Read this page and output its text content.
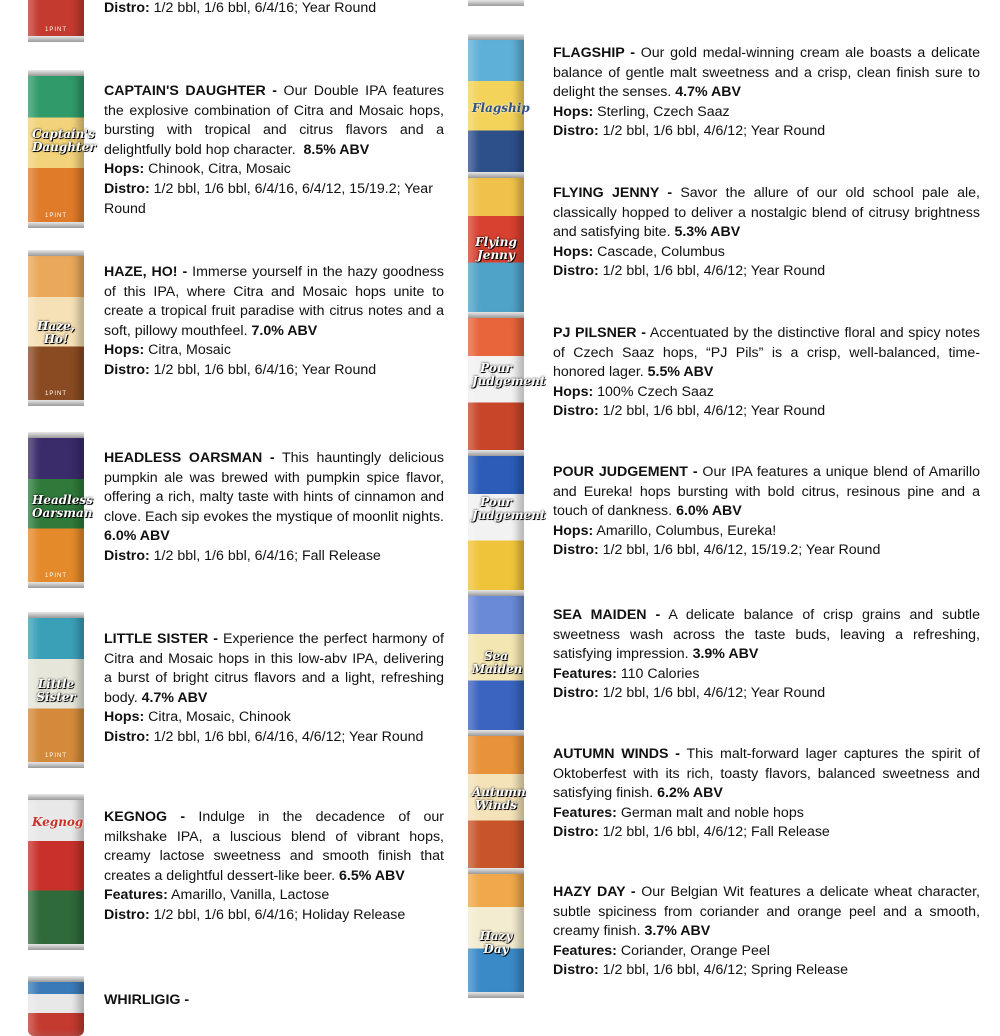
1PINT

Distro: 1/2 bbl, 1/6 bbl, 6/4/16; Year Round

Captain's Daughter
1PINT

CAPTAIN'S DAUGHTER - Our Double IPA features the explosive combination of Citra and Mosaic hops, bursting with tropical and citrus flavors and a delightfully bold hop character. 8.5% ABV

Hops: Chinook, Citra, Mosaic

Distro: 1/2 bbl, 1/6 bbl, 6/4/16, 6/4/12, 15/19.2; Year Round

Haze, Ho!
1PINT

HAZE, HO! - Immerse yourself in the hazy goodness of this IPA, where Citra and Mosaic hops unite to create a tropical fruit paradise with citrus notes and a soft, pillowy mouthfeel. 7.0% ABV

Hops: Citra, Mosaic

Distro: 1/2 bbl, 1/6 bbl, 6/4/16; Year Round

Headless Oarsman
1PINT

HEADLESS OARSMAN - This hauntingly delicious pumpkin ale was brewed with pumpkin spice flavor, offering a rich, malty taste with hints of cinnamon and clove. Each sip evokes the mystique of moonlit nights. 6.0% ABV

Distro: 1/2 bbl, 1/6 bbl, 6/4/16; Fall Release

Little Sister
1PINT

LITTLE SISTER - Experience the perfect harmony of Citra and Mosaic hops in this low-abv IPA, delivering a burst of bright citrus flavors and a light, refreshing body. 4.7% ABV

Hops: Citra, Mosaic, Chinook

Distro: 1/2 bbl, 1/6 bbl, 6/4/16, 4/6/12; Year Round

Kegnog KEGNOG - Indulge in the decadence of our milkshake IPA, a luscious blend of vibrant hops, creamy lactose sweetness and smooth finish that creates a delightful dessert-like beer. 6.5% ABV

Features: Amarillo, Vanilla, Lactose

Distro: 1/2 bbl, 1/6 bbl, 6/4/16; Holiday Release

WHIRLIGIG -

Flagship

FLAGSHIP - Our gold medal-winning cream ale boasts a delicate balance of gentle malt sweetness and a crisp, clean finish sure to delight the senses. 4.7% ABV

Hops: Sterling, Czech Saaz

Distro: 1/2 bbl, 1/6 bbl, 4/6/12; Year Round

Flying Jenny

FLYING JENNY - Savor the allure of our old school pale ale, classically hopped to deliver a nostalgic blend of citrusy brightness and satisfying bite. 5.3% ABV

Hops: Cascade, Columbus

Distro: 1/2 bbl, 1/6 bbl, 4/6/12; Year Round

Pour Judgement

PJ PILSNER - Accentuated by the distinctive floral and spicy notes of Czech Saaz hops, “PJ Pils” is a crisp, well-balanced, time-honored lager. 5.5% ABV

Hops: 100% Czech Saaz

Distro: 1/2 bbl, 1/6 bbl, 4/6/12; Year Round

Pour Judgement

POUR JUDGEMENT - Our IPA features a unique blend of Amarillo and Eureka! hops bursting with bold citrus, resinous pine and a touch of dankness. 6.0% ABV

Hops: Amarillo, Columbus, Eureka!

Distro: 1/2 bbl, 1/6 bbl, 4/6/12, 15/19.2; Year Round

Sea Maiden

SEA MAIDEN - A delicate balance of crisp grains and subtle sweetness wash across the taste buds, leaving a refreshing, satisfying impression. 3.9% ABV

Features: 110 Calories

Distro: 1/2 bbl, 1/6 bbl, 4/6/12; Year Round

Autumn Winds

AUTUMN WINDS - This malt-forward lager captures the spirit of Oktoberfest with its rich, toasty flavors, balanced sweetness and satisfying finish. 6.2% ABV

Features: German malt and noble hops

Distro: 1/2 bbl, 1/6 bbl, 4/6/12; Fall Release

Hazy Day

HAZY DAY - Our Belgian Wit features a delicate wheat character, subtle spiciness from coriander and orange peel and a smooth, creamy finish. 3.7% ABV

Features: Coriander, Orange Peel

Distro: 1/2 bbl, 1/6 bbl, 4/6/12; Spring Release
